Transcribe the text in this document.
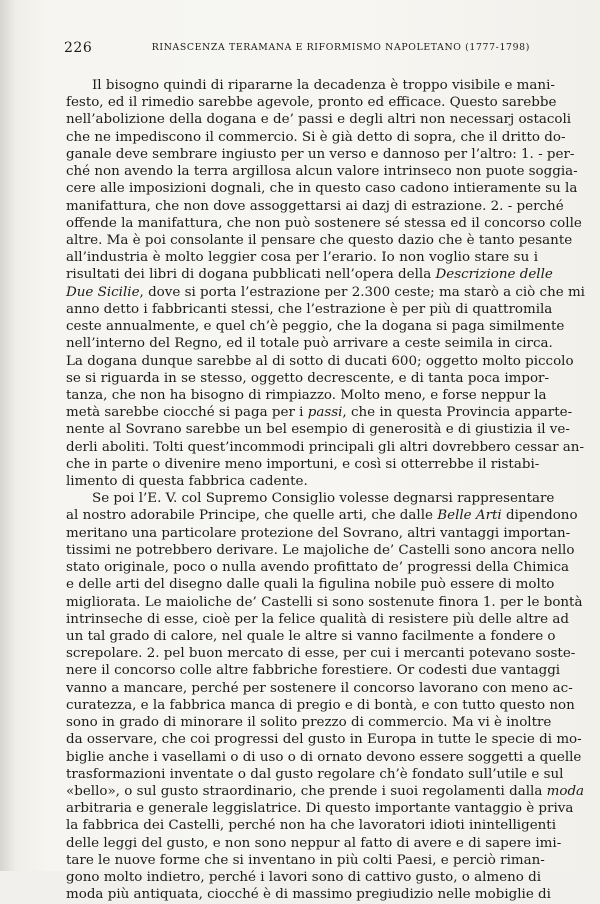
226	RINASCENZA TERAMANA E RIFORMISMO NAPOLETANO (1777-1798)
Il bisogno quindi di ripararne la decadenza è troppo visibile e mani-
festo, ed il rimedio sarebbe agevole, pronto ed efficace. Questo sarebbe
nell’abolizione della dogana e de’ passi e degli altri non necessarj ostacoli
che ne impediscono il commercio. Si è già detto di sopra, che il dritto do-
ganale deve sembrare ingiusto per un verso e dannoso per l’altro: 1. - per-
ché non avendo la terra argillosa alcun valore intrinseco non puote soggia-
cere alle imposizioni dognali, che in questo caso cadono intieramente su la
manifattura, che non dove assoggettarsi ai dazj di estrazione. 2. - perché
offende la manifattura, che non può sostenere sé stessa ed il concorso colle
altre. Ma è poi consolante il pensare che questo dazio che è tanto pesante
all’industria è molto leggier cosa per l’erario. Io non voglio stare su i
risultati dei libri di dogana pubblicati nell’opera della Descrizione delle
Due Sicilie, dove si porta l’estrazione per 2.300 ceste; ma starò a ciò che mi
anno detto i fabbricanti stessi, che l’estrazione è per più di quattromila
ceste annualmente, e quel ch’è peggio, che la dogana si paga similmente
nell’interno del Regno, ed il totale può arrivare a ceste seimila in circa.
La dogana dunque sarebbe al di sotto di ducati 600; oggetto molto piccolo
se si riguarda in se stesso, oggetto decrescente, e di tanta poca impor-
tanza, che non ha bisogno di rimpiazzo. Molto meno, e forse neppur la
metà sarebbe ciocché si paga per i passi, che in questa Provincia apparte-
nente al Sovrano sarebbe un bel esempio di generosità e di giustizia il ve-
derli aboliti. Tolti quest’incommodi principali gli altri dovrebbero cessar an-
che in parte o divenire meno importuni, e così si otterrebbe il ristabi-
limento di questa fabbrica cadente.
Se poi l’E. V. col Supremo Consiglio volesse degnarsi rappresentare
al nostro adorabile Principe, che quelle arti, che dalle Belle Arti dipendono
meritano una particolare protezione del Sovrano, altri vantaggi importan-
tissimi ne potrebbero derivare. Le majoliche de’ Castelli sono ancora nello
stato originale, poco o nulla avendo profittato de’ progressi della Chimica
e delle arti del disegno dalle quali la figulina nobile può essere di molto
migliorata. Le maioliche de’ Castelli si sono sostenute finora 1. per le bontà
intrinseche di esse, cioè per la felice qualità di resistere più delle altre ad
un tal grado di calore, nel quale le altre si vanno facilmente a fondere o
screpolare. 2. pel buon mercato di esse, per cui i mercanti potevano soste-
nere il concorso colle altre fabbriche forestiere. Or codesti due vantaggi
vanno a mancare, perché per sostenere il concorso lavorano con meno ac-
curatezza, e la fabbrica manca di pregio e di bontà, e con tutto questo non
sono in grado di minorare il solito prezzo di commercio. Ma vi è inoltre
da osservare, che coi progressi del gusto in Europa in tutte le specie di mo-
biglie anche i vasellami o di uso o di ornato devono essere soggetti a quelle
trasformazioni inventate o dal gusto regolare ch’è fondato sull’utile e sul
«bello», o sul gusto straordinario, che prende i suoi regolamenti dalla moda
arbitraria e generale leggislatrice. Di questo importante vantaggio è priva
la fabbrica dei Castelli, perché non ha che lavoratori idioti inintelligenti
delle leggi del gusto, e non sono neppur al fatto di avere e di sapere imi-
tare le nuove forme che si inventano in più colti Paesi, e perciò riman-
gono molto indietro, perché i lavori sono di cattivo gusto, o almeno di
moda più antiquata, ciocché è di massimo pregiudizio nelle mobiglie di
